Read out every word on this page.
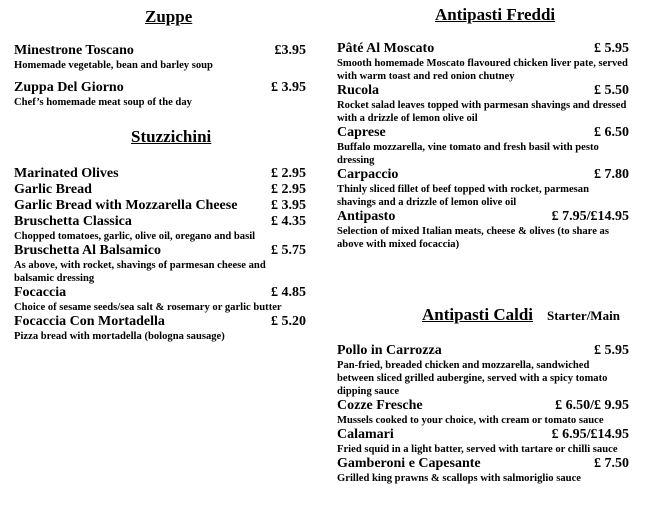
Zuppe
Minestrone Toscano	£3.95
Homemade vegetable, bean and barley soup
Zuppa Del Giorno	£ 3.95
Chef’s homemade meat soup of the day
Stuzzichini
Marinated Olives	£ 2.95
Garlic Bread	£ 2.95
Garlic Bread with Mozzarella Cheese £ 3.95
Bruschetta Classica	£ 4.35
Chopped tomatoes, garlic, olive oil, oregano and basil
Bruschetta Al Balsamico	£ 5.75
As above, with rocket, shavings of parmesan cheese and balsamic dressing
Focaccia	£ 4.85
Choice of sesame seeds/sea salt & rosemary or garlic butter
Focaccia Con Mortadella	£ 5.20
Pizza bread with mortadella (bologna sausage)
Antipasti Freddi
Pâté Al Moscato	£ 5.95
Smooth homemade Moscato flavoured chicken liver pate, served with warm toast and red onion chutney
Rucola	£ 5.50
Rocket salad leaves topped with parmesan shavings and dressed with a drizzle of lemon olive oil
Caprese	£ 6.50
Buffalo mozzarella, vine tomato and fresh basil with pesto dressing
Carpaccio	£ 7.80
Thinly sliced fillet of beef topped with rocket, parmesan shavings and a drizzle of lemon olive oil
Antipasto	£ 7.95/£14.95
Selection of mixed Italian meats, cheese & olives (to share as above with mixed focaccia)
Antipasti Caldi Starter/Main
Pollo in Carrozza	£ 5.95
Pan-fried, breaded chicken and mozzarella, sandwiched between sliced grilled aubergine, served with a spicy tomato dipping sauce
Cozze Fresche	£ 6.50/£ 9.95
Mussels cooked to your choice, with cream or tomato sauce
Calamari	£ 6.95/£14.95
Fried squid in a light batter, served with tartare or chilli sauce
Gamberoni e Capesante	£ 7.50
Grilled king prawns & scallops with salmoriglio sauce
